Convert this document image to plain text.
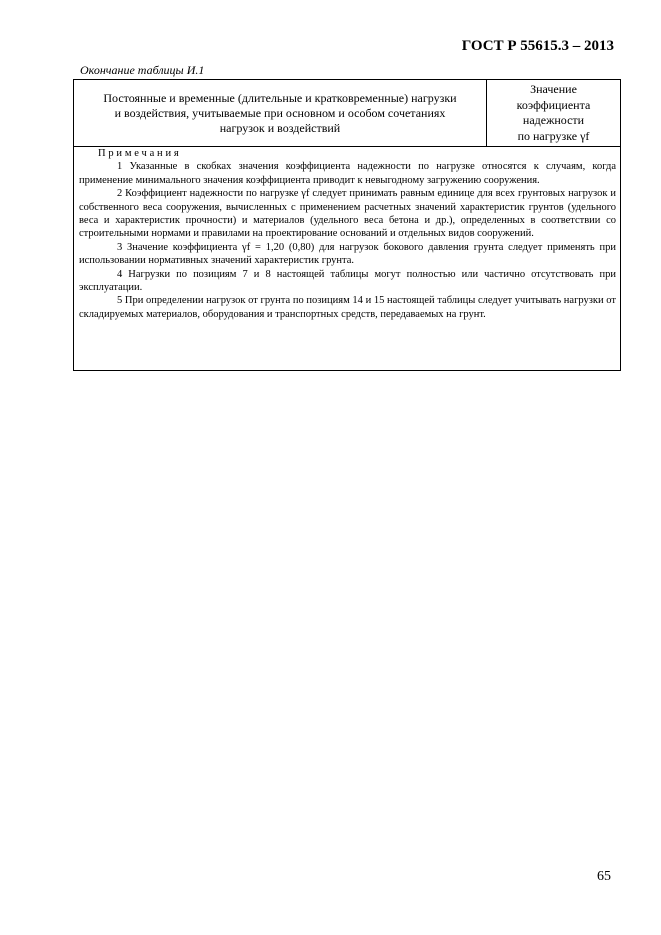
ГОСТ Р 55615.3 – 2013
Окончание таблицы И.1
Постоянные и временные (длительные и кратковременные) нагрузки и воздействия, учитываемые при основном и особом сочетаниях нагрузок и воздействий
Значение
коэффициента
надежности
по нагрузке γf
Примечания

1 Указанные в скобках значения коэффициента надежности по нагрузке относятся к случаям, когда применение минимального значения коэффициента приводит к невыгодному загружению сооружения.

2 Коэффициент надежности по нагрузке γf следует принимать равным единице для всех грунтовых нагрузок и собственного веса сооружения, вычисленных с применением расчетных значений характеристик грунтов (удельного веса и характеристик прочности) и материалов (удельного веса бетона и др.), определенных в соответствии со строительными нормами и правилами на проектирование оснований и отдельных видов сооружений.

3 Значение коэффициента γf = 1,20 (0,80) для нагрузок бокового давления грунта следует применять при использовании нормативных значений характеристик грунта.

4 Нагрузки по позициям 7 и 8 настоящей таблицы могут полностью или частично отсутствовать при эксплуатации.

5 При определении нагрузок от грунта по позициям 14 и 15 настоящей таблицы следует учитывать нагрузки от складируемых материалов, оборудования и транспортных средств, передаваемых на грунт.

65
